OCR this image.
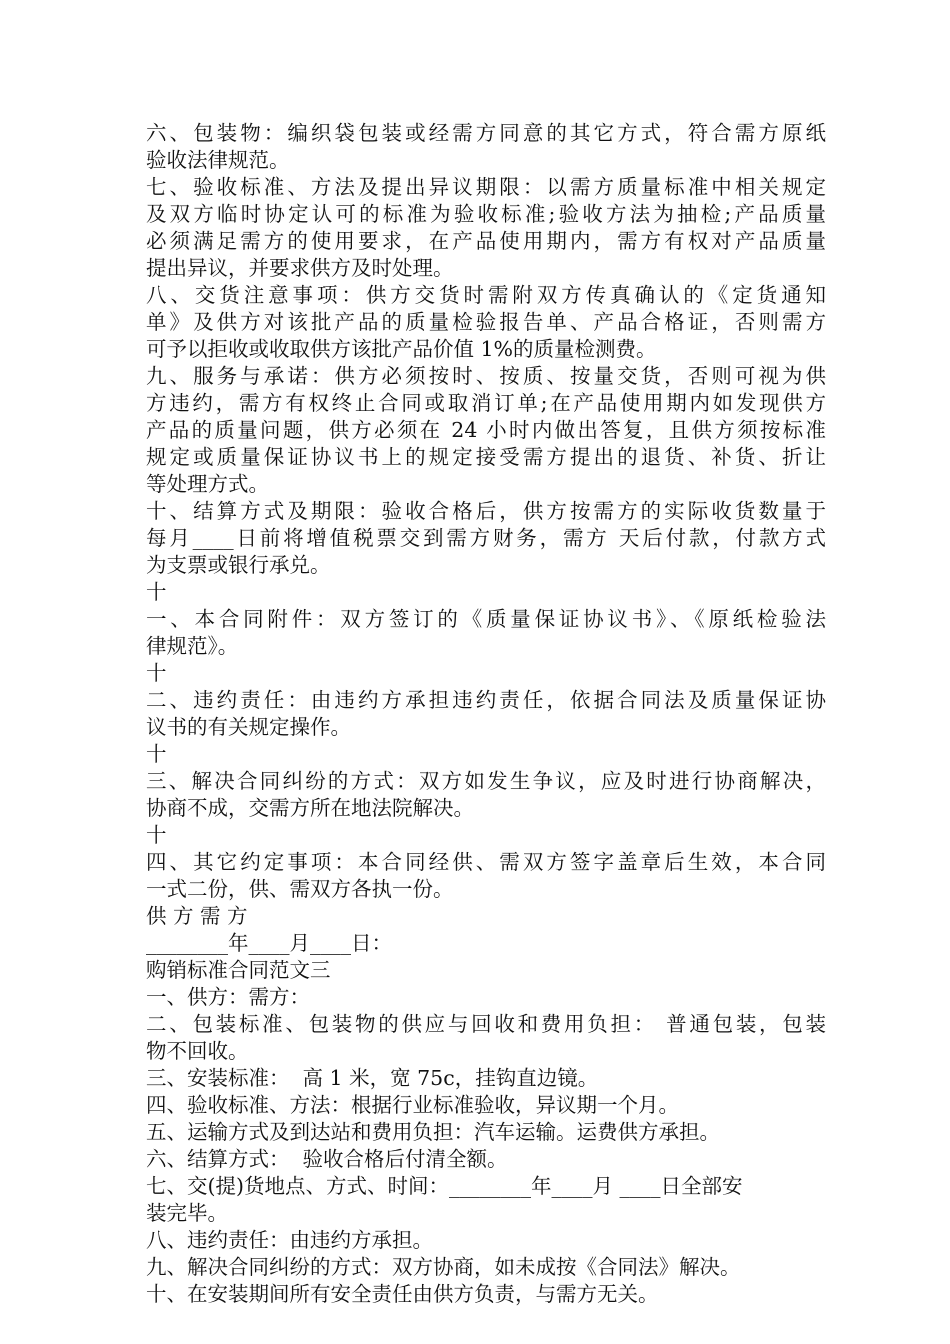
六、包装物：编织袋包装或经需方同意的其它方式，符合需方原纸
验收法律规范。
七、验收标准、方法及提出异议期限：以需方质量标准中相关规定
及双方临时协定认可的标准为验收标准;验收方法为抽检;产品质量
必须满足需方的使用要求，在产品使用期内，需方有权对产品质量
提出异议，并要求供方及时处理。
八、交货注意事项：供方交货时需附双方传真确认的《定货通知
单》及供方对该批产品的质量检验报告单、产品合格证，否则需方
可予以拒收或收取供方该批产品价值 1%的质量检测费。
九、服务与承诺：供方必须按时、按质、按量交货，否则可视为供
方违约，需方有权终止合同或取消订单;在产品使用期内如发现供方
产品的质量问题，供方必须在 24 小时内做出答复，且供方须按标准
规定或质量保证协议书上的规定接受需方提出的退货、补货、折让
等处理方式。
十、结算方式及期限：验收合格后，供方按需方的实际收货数量于
每月____日前将增值税票交到需方财务，需方 天后付款，付款方式
为支票或银行承兑。
十
一、本合同附件：双方签订的《质量保证协议书》、《原纸检验法
律规范》。
十
二、违约责任：由违约方承担违约责任，依据合同法及质量保证协
议书的有关规定操作。
十
三、解决合同纠纷的方式：双方如发生争议，应及时进行协商解决，
协商不成，交需方所在地法院解决。
十
四、其它约定事项：本合同经供、需双方签字盖章后生效，本合同
一式二份，供、需双方各执一份。
供 方 需 方
________年____月____日：
购销标准合同范文三
一、供方：需方：
二、包装标准、包装物的供应与回收和费用负担： 普通包装，包装
物不回收。
三、安装标准：  高 1 米，宽 75c，挂钩直边镜。
四、验收标准、方法：根据行业标准验收，异议期一个月。
五、运输方式及到达站和费用负担：汽车运输。运费供方承担。
六、结算方式：  验收合格后付清全额。
七、交(提)货地点、方式、时间：________年____月 ____日全部安
装完毕。
八、违约责任：由违约方承担。
九、解决合同纠纷的方式：双方协商，如未成按《合同法》解决。
十、在安装期间所有安全责任由供方负责，与需方无关。
